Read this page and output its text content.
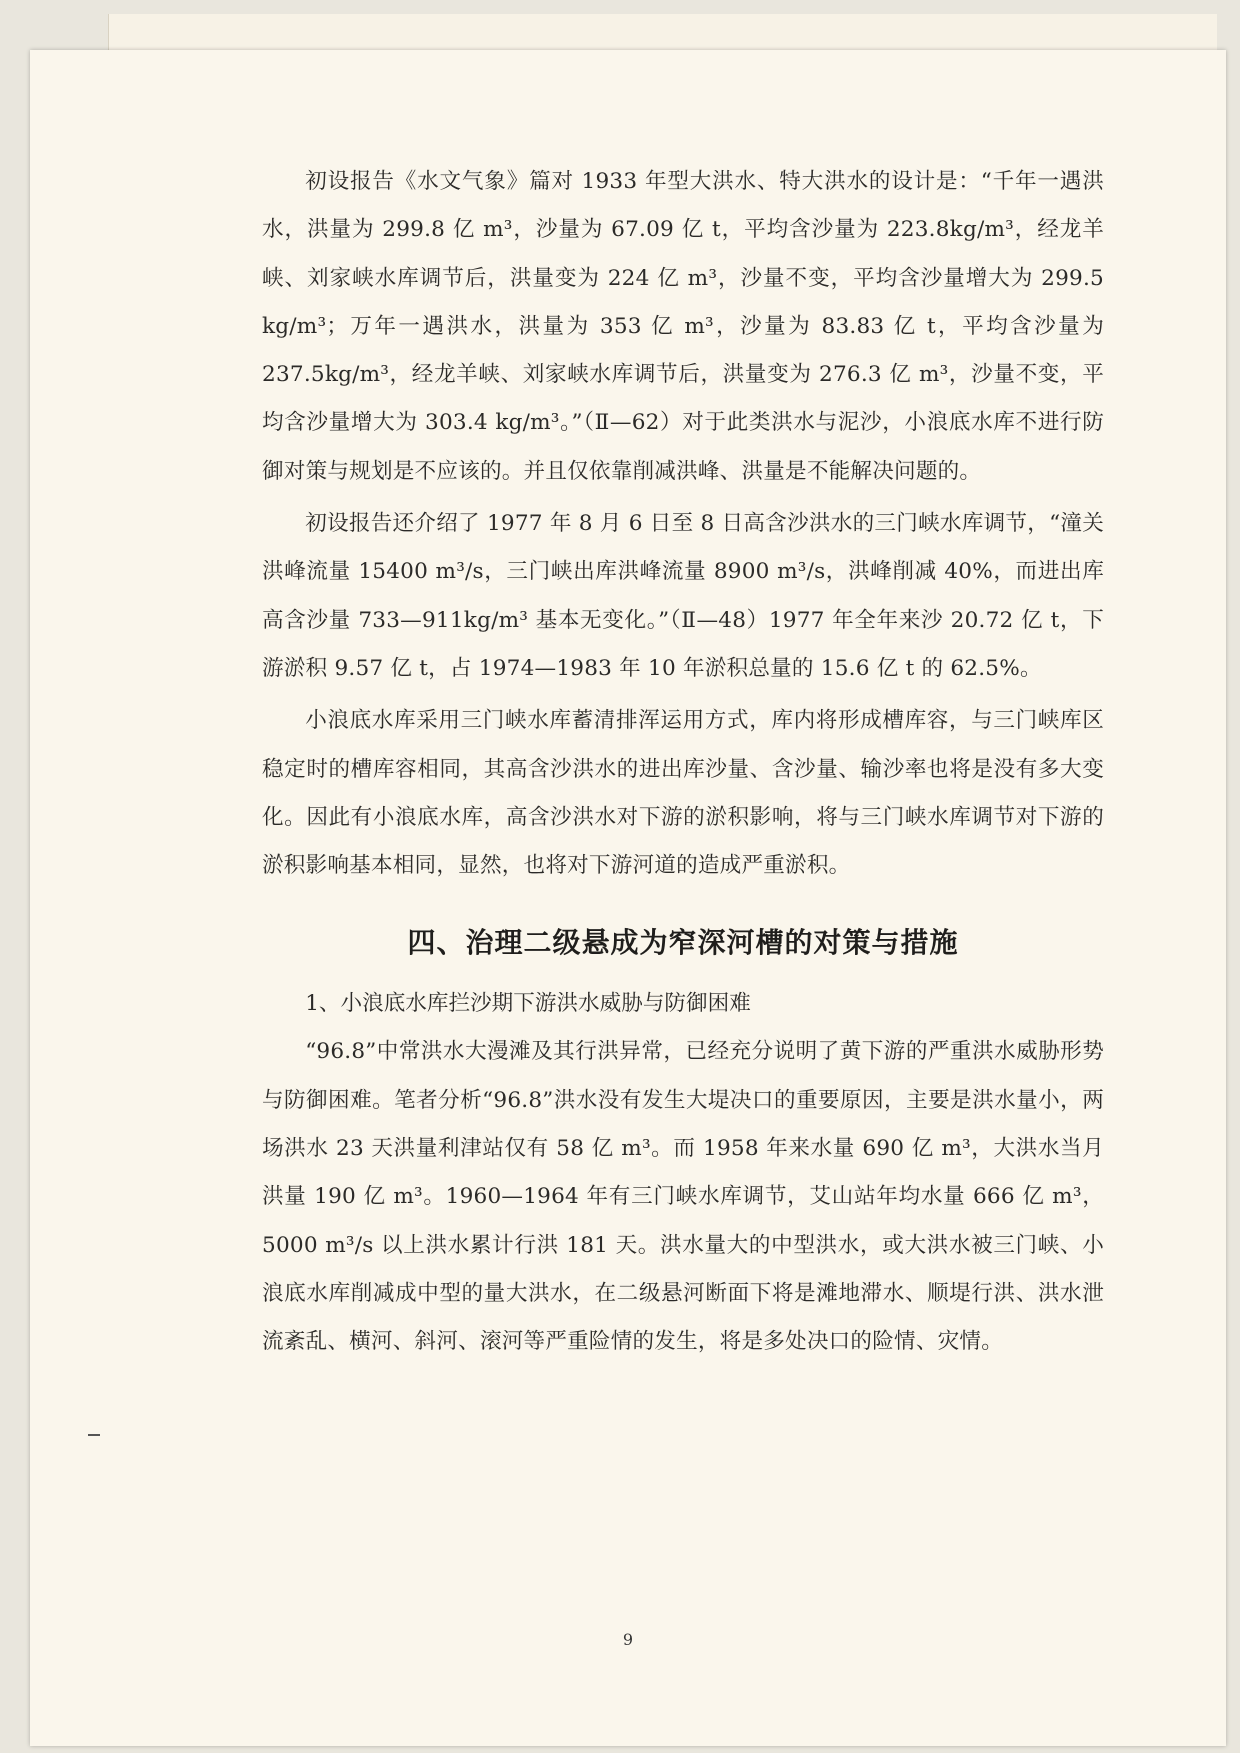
初设报告《水文气象》篇对 1933 年型大洪水、特大洪水的设计是：“千年一遇洪水，洪量为 299.8 亿 m³，沙量为 67.09 亿 t，平均含沙量为 223.8kg/m³，经龙羊峡、刘家峡水库调节后，洪量变为 224 亿 m³，沙量不变，平均含沙量增大为 299.5 kg/m³；万年一遇洪水，洪量为 353 亿 m³，沙量为 83.83 亿 t，平均含沙量为 237.5kg/m³，经龙羊峡、刘家峡水库调节后，洪量变为 276.3 亿 m³，沙量不变，平均含沙量增大为 303.4 kg/m³。”（Ⅱ—62）对于此类洪水与泥沙，小浪底水库不进行防御对策与规划是不应该的。并且仅依靠削减洪峰、洪量是不能解决问题的。

初设报告还介绍了 1977 年 8 月 6 日至 8 日高含沙洪水的三门峡水库调节，“潼关洪峰流量 15400 m³/s，三门峡出库洪峰流量 8900 m³/s，洪峰削减 40%，而进出库高含沙量 733—911kg/m³ 基本无变化。”（Ⅱ—48）1977 年全年来沙 20.72 亿 t，下游淤积 9.57 亿 t，占 1974—1983 年 10 年淤积总量的 15.6 亿 t 的 62.5%。

小浪底水库采用三门峡水库蓄清排浑运用方式，库内将形成槽库容，与三门峡库区稳定时的槽库容相同，其高含沙洪水的进出库沙量、含沙量、输沙率也将是没有多大变化。因此有小浪底水库，高含沙洪水对下游的淤积影响，将与三门峡水库调节对下游的淤积影响基本相同，显然，也将对下游河道的造成严重淤积。

四、治理二级悬成为窄深河槽的对策与措施

1、小浪底水库拦沙期下游洪水威胁与防御困难

“96.8”中常洪水大漫滩及其行洪异常，已经充分说明了黄下游的严重洪水威胁形势与防御困难。笔者分析“96.8”洪水没有发生大堤决口的重要原因，主要是洪水量小，两场洪水 23 天洪量利津站仅有 58 亿 m³。而 1958 年来水量 690 亿 m³，大洪水当月洪量 190 亿 m³。1960—1964 年有三门峡水库调节，艾山站年均水量 666 亿 m³，5000 m³/s 以上洪水累计行洪 181 天。洪水量大的中型洪水，或大洪水被三门峡、小浪底水库削减成中型的量大洪水，在二级悬河断面下将是滩地滞水、顺堤行洪、洪水泄流紊乱、横河、斜河、滚河等严重险情的发生，将是多处决口的险情、灾情。

9
